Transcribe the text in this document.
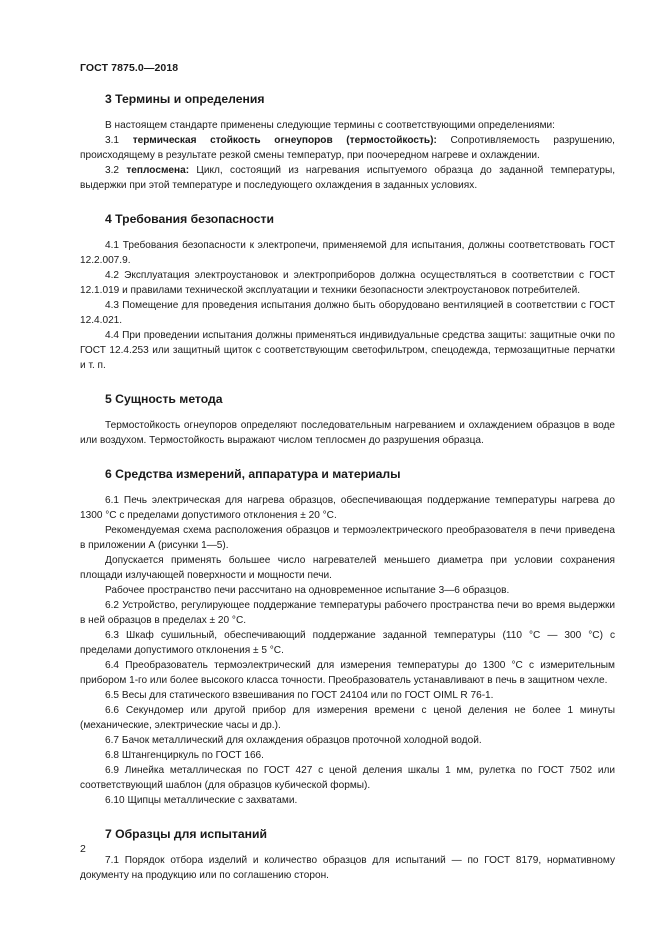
ГОСТ 7875.0—2018
3 Термины и определения

В настоящем стандарте применены следующие термины с соответствующими определениями:

3.1 термическая стойкость огнеупоров (термостойкость): Сопротивляемость разрушению, происходящему в результате резкой смены температур, при поочередном нагреве и охлаждении.

3.2 теплосмена: Цикл, состоящий из нагревания испытуемого образца до заданной температуры, выдержки при этой температуре и последующего охлаждения в заданных условиях.

4 Требования безопасности

4.1 Требования безопасности к электропечи, применяемой для испытания, должны соответствовать ГОСТ 12.2.007.9.

4.2 Эксплуатация электроустановок и электроприборов должна осуществляться в соответствии с ГОСТ 12.1.019 и правилами технической эксплуатации и техники безопасности электроустановок потребителей.

4.3 Помещение для проведения испытания должно быть оборудовано вентиляцией в соответствии с ГОСТ 12.4.021.

4.4 При проведении испытания должны применяться индивидуальные средства защиты: защитные очки по ГОСТ 12.4.253 или защитный щиток с соответствующим светофильтром, спецодежда, термозащитные перчатки и т. п.

5 Сущность метода

Термостойкость огнеупоров определяют последовательным нагреванием и охлаждением образцов в воде или воздухом. Термостойкость выражают числом теплосмен до разрушения образца.

6 Средства измерений, аппаратура и материалы

6.1 Печь электрическая для нагрева образцов, обеспечивающая поддержание температуры нагрева до 1300 °С с пределами допустимого отклонения ± 20 °С.

Рекомендуемая схема расположения образцов и термоэлектрического преобразователя в печи приведена в приложении А (рисунки 1—5).

Допускается применять большее число нагревателей меньшего диаметра при условии сохранения площади излучающей поверхности и мощности печи.

Рабочее пространство печи рассчитано на одновременное испытание 3—6 образцов.

6.2 Устройство, регулирующее поддержание температуры рабочего пространства печи во время выдержки в ней образцов в пределах ± 20 °С.

6.3 Шкаф сушильный, обеспечивающий поддержание заданной температуры (110 °С — 300 °С) с пределами допустимого отклонения ± 5 °С.

6.4 Преобразователь термоэлектрический для измерения температуры до 1300 °С с измерительным прибором 1-го или более высокого класса точности. Преобразователь устанавливают в печь в защитном чехле.

6.5 Весы для статического взвешивания по ГОСТ 24104 или по ГОСТ OIML R 76-1.

6.6 Секундомер или другой прибор для измерения времени с ценой деления не более 1 минуты (механические, электрические часы и др.).

6.7 Бачок металлический для охлаждения образцов проточной холодной водой.

6.8 Штангенциркуль по ГОСТ 166.

6.9 Линейка металлическая по ГОСТ 427 с ценой деления шкалы 1 мм, рулетка по ГОСТ 7502 или соответствующий шаблон (для образцов кубической формы).

6.10 Щипцы металлические с захватами.

7 Образцы для испытаний

7.1 Порядок отбора изделий и количество образцов для испытаний — по ГОСТ 8179, нормативному документу на продукцию или по соглашению сторон.

2
